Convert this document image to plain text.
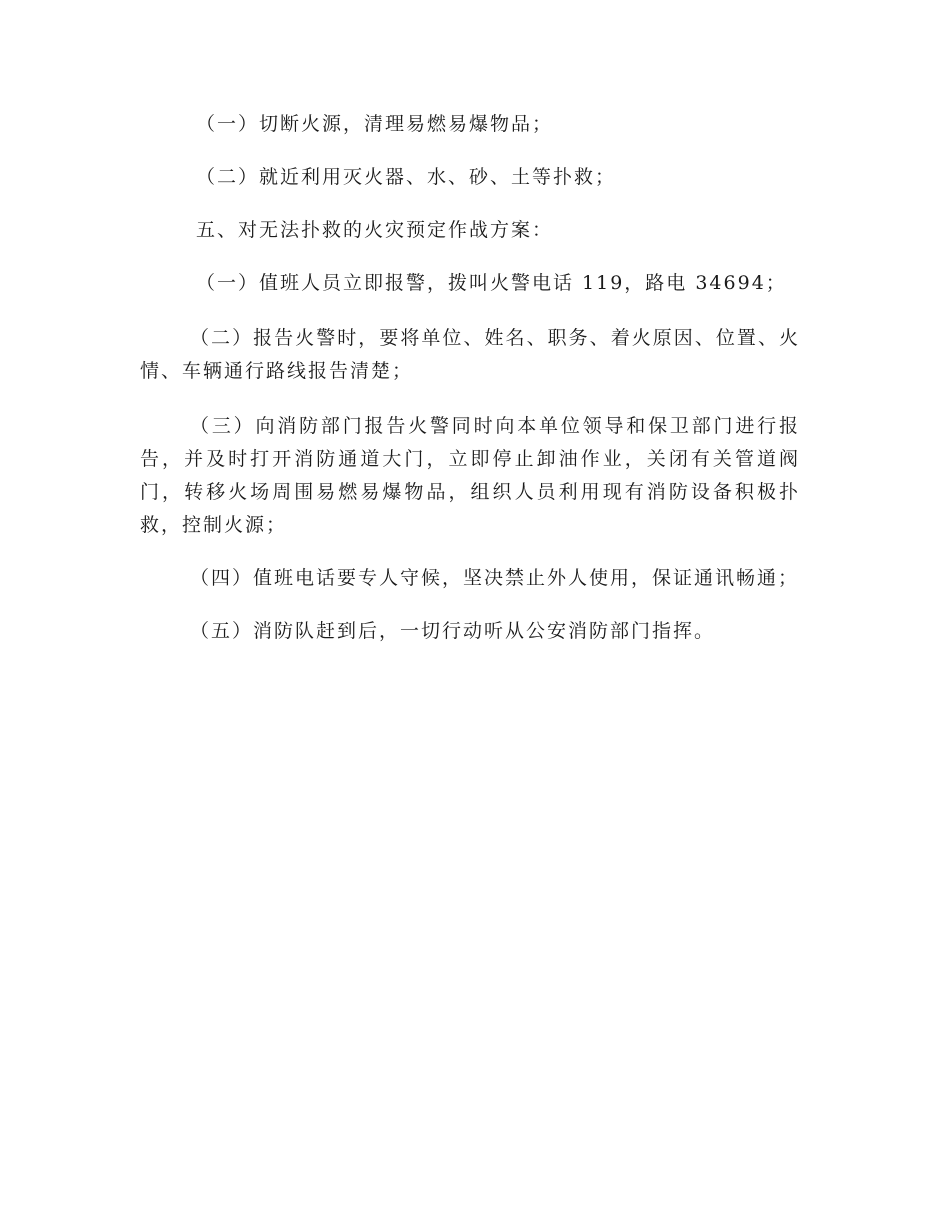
（一）切断火源，清理易燃易爆物品；

（二）就近利用灭火器、水、砂、土等扑救；

五、对无法扑救的火灾预定作战方案：

（一）值班人员立即报警，拨叫火警电话 119，路电 34694；

（二）报告火警时，要将单位、姓名、职务、着火原因、位置、火情、车辆通行路线报告清楚；

（三）向消防部门报告火警同时向本单位领导和保卫部门进行报告，并及时打开消防通道大门，立即停止卸油作业，关闭有关管道阀门，转移火场周围易燃易爆物品，组织人员利用现有消防设备积极扑救，控制火源；

（四）值班电话要专人守候，坚决禁止外人使用，保证通讯畅通；

（五）消防队赶到后，一切行动听从公安消防部门指挥。
